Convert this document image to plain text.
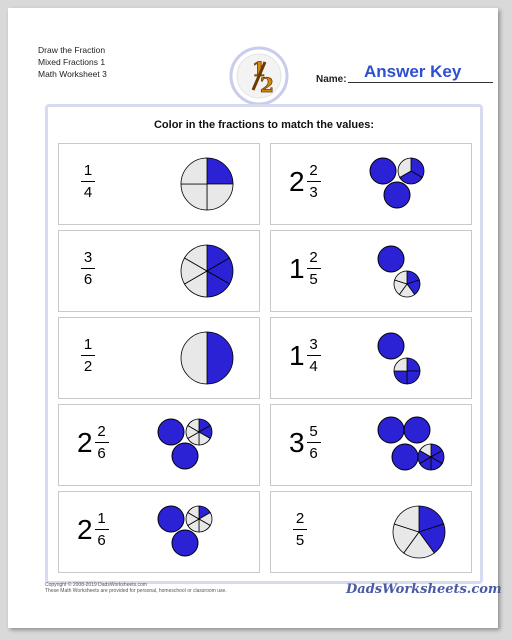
Draw the Fraction
Mixed Fractions 1
Math Worksheet 3	1
2	Name: Answer Key
Color in the fractions to match the values:
1
4	2 2
3
3
6	1 2
5
1
2	1 3
4
2 2
6	3 5
6
2 1
6
2
5
Copyright © 2008-2019 DadsWorksheets.com
These Math Worksheets are provided for personal, homeschool or classroom use.	DadsWorksheets.com
